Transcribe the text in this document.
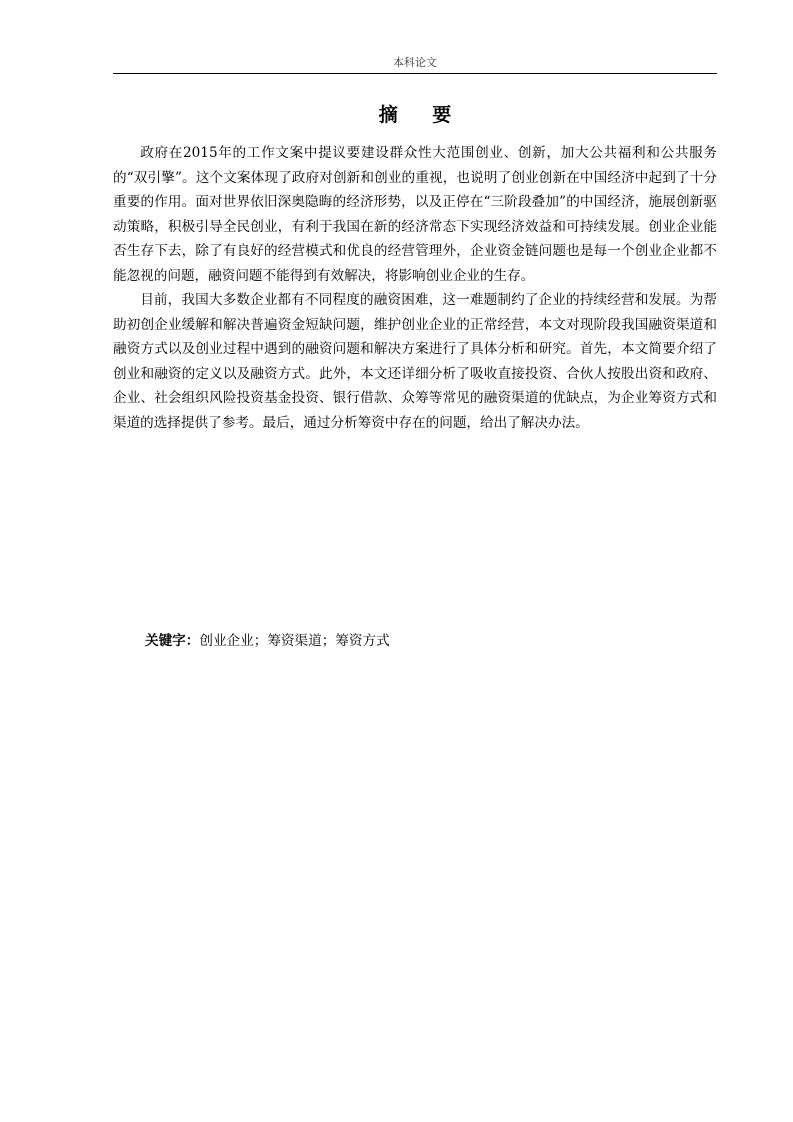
本科论文
摘 要

政府在2015年的工作文案中提议要建设群众性大范围创业、创新，加大公共福利和公共服务的“双引擎”。这个文案体现了政府对创新和创业的重视，也说明了创业创新在中国经济中起到了十分重要的作用。面对世界依旧深奥隐晦的经济形势，以及正停在“三阶段叠加”的中国经济，施展创新驱动策略，积极引导全民创业，有利于我国在新的经济常态下实现经济效益和可持续发展。创业企业能否生存下去，除了有良好的经营模式和优良的经营管理外，企业资金链问题也是每一个创业企业都不能忽视的问题，融资问题不能得到有效解决，将影响创业企业的生存。

目前，我国大多数企业都有不同程度的融资困难，这一难题制约了企业的持续经营和发展。为帮助初创企业缓解和解决普遍资金短缺问题，维护创业企业的正常经营，本文对现阶段我国融资渠道和融资方式以及创业过程中遇到的融资问题和解决方案进行了具体分析和研究。首先，本文简要介绍了创业和融资的定义以及融资方式。此外，本文还详细分析了吸收直接投资、合伙人按股出资和政府、企业、社会组织风险投资基金投资、银行借款、众筹等常见的融资渠道的优缺点，为企业筹资方式和渠道的选择提供了参考。最后，通过分析筹资中存在的问题，给出了解决办法。

关键字：创业企业；筹资渠道；筹资方式
